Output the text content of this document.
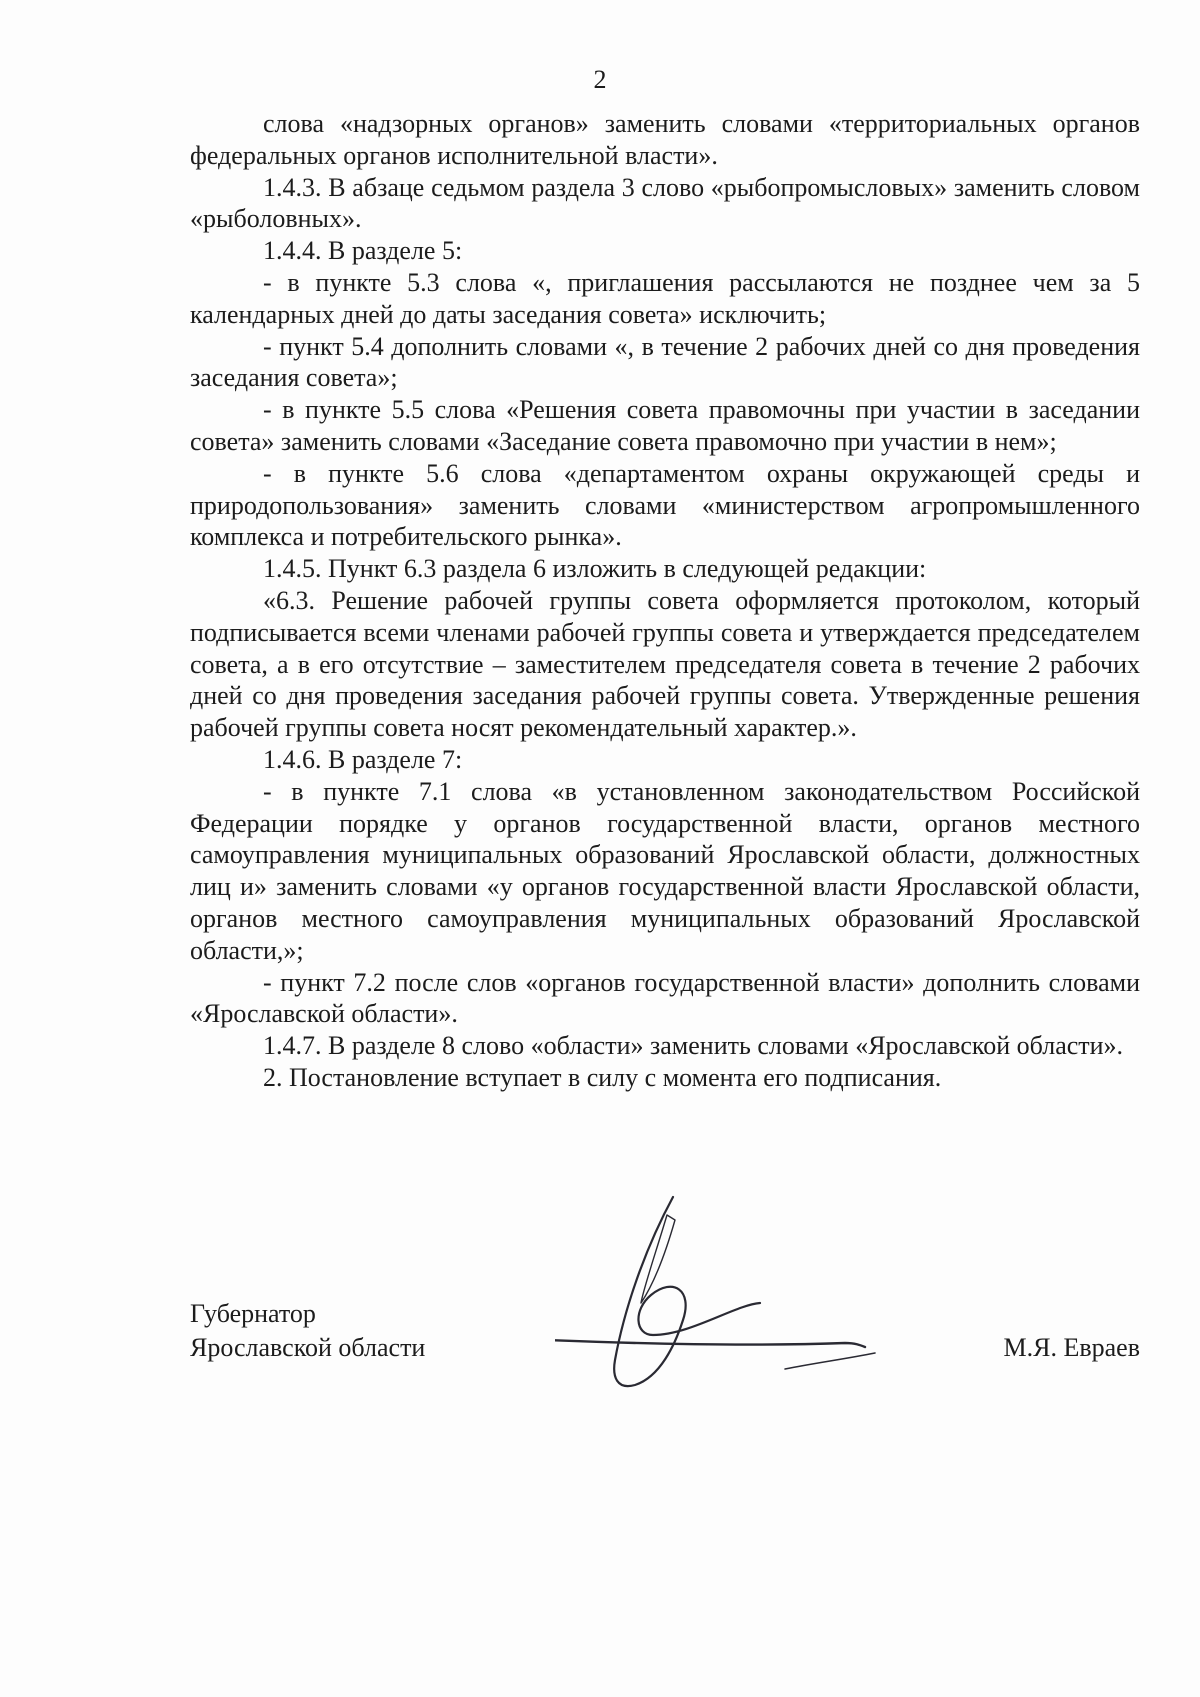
2

слова «надзорных органов» заменить словами «территориальных органов федеральных органов исполнительной власти».

1.4.3. В абзаце седьмом раздела 3 слово «рыбопромысловых» заменить словом «рыболовных».

1.4.4. В разделе 5:

- в пункте 5.3 слова «, приглашения рассылаются не позднее чем за 5 календарных дней до даты заседания совета» исключить;

- пункт 5.4 дополнить словами «, в течение 2 рабочих дней со дня проведения заседания совета»;

- в пункте 5.5 слова «Решения совета правомочны при участии в заседании совета» заменить словами «Заседание совета правомочно при участии в нем»;

- в пункте 5.6 слова «департаментом охраны окружающей среды и природопользования» заменить словами «министерством агропромышленного комплекса и потребительского рынка».

1.4.5. Пункт 6.3 раздела 6 изложить в следующей редакции:

«6.3. Решение рабочей группы совета оформляется протоколом, который подписывается всеми членами рабочей группы совета и утверждается председателем совета, а в его отсутствие – заместителем председателя совета в течение 2 рабочих дней со дня проведения заседания рабочей группы совета. Утвержденные решения рабочей группы совета носят рекомендательный характер.».

1.4.6. В разделе 7:

- в пункте 7.1 слова «в установленном законодательством Российской Федерации порядке у органов государственной власти, органов местного самоуправления муниципальных образований Ярославской области, должностных лиц и» заменить словами «у органов государственной власти Ярославской области, органов местного самоуправления муниципальных образований Ярославской области,»;

- пункт 7.2 после слов «органов государственной власти» дополнить словами «Ярославской области».

1.4.7. В разделе 8 слово «области» заменить словами «Ярославской области».

2. Постановление вступает в силу с момента его подписания.

Губернатор
Ярославской области	М.Я. Евраев
